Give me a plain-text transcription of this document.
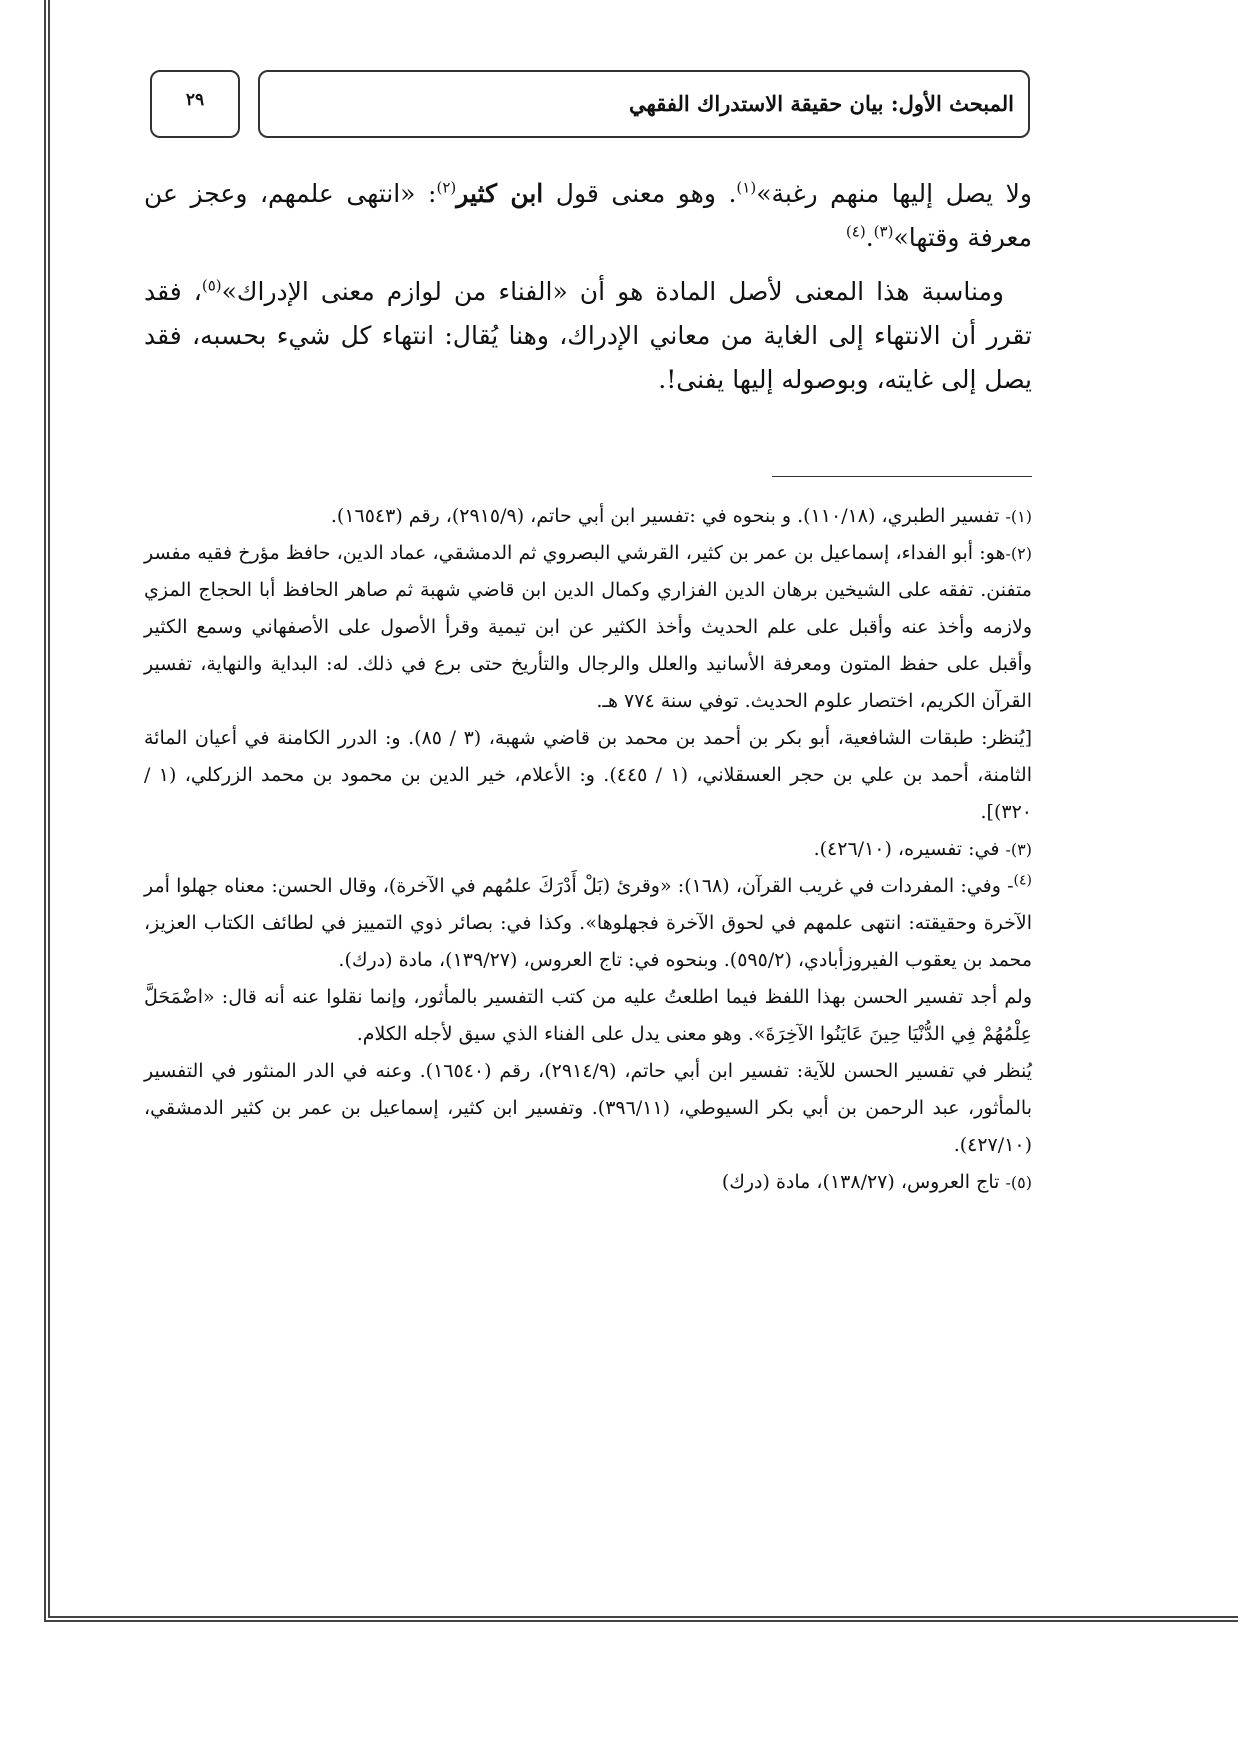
٢٩	المبحث الأول: بيان حقيقة الاستدراك الفقهي

ولا يصل إليها منهم رغبة»$^{(١)}$. وهو معنى قول ابن كثير$^{(٢)}$: «انتهى علمهم، وعجز عن معرفة وقتها»$^{(٣)}$.$^{(٤)}$

ومناسبة هذا المعنى لأصل المادة هو أن «الفناء من لوازم معنى الإدراك»$^{(٥)}$، فقد تقرر أن الانتهاء إلى الغاية من معاني الإدراك، وهنا يُقال: انتهاء كل شيء بحسبه، فقد يصل إلى غايته، وبوصوله إليها يفنى!.

(١)- تفسير الطبري، (١١٠/١٨). و بنحوه في :تفسير ابن أبي حاتم، (٢٩١٥/٩)، رقم (١٦٥٤٣).

(٢)-هو: أبو الفداء، إسماعيل بن عمر بن كثير، القرشي البصروي ثم الدمشقي، عماد الدين، حافظ مؤرخ فقيه مفسر متفنن. تفقه على الشيخين برهان الدين الفزاري وكمال الدين ابن قاضي شهبة ثم صاهر الحافظ أبا الحجاج المزي ولازمه وأخذ عنه وأقبل على علم الحديث وأخذ الكثير عن ابن تيمية وقرأ الأصول على الأصفهاني وسمع الكثير وأقبل على حفظ المتون ومعرفة الأسانيد والعلل والرجال والتأريخ حتى برع في ذلك. له: البداية والنهاية، تفسير القرآن الكريم، اختصار علوم الحديث. توفي سنة ٧٧٤ هـ.

[يُنظر: طبقات الشافعية، أبو بكر بن أحمد بن محمد بن قاضي شهبة، (٣ / ٨٥). و: الدرر الكامنة في أعيان المائة الثامنة، أحمد بن علي بن حجر العسقلاني، (١ / ٤٤٥). و: الأعلام، خير الدين بن محمود بن محمد الزركلي، (١ / ٣٢٠)].

(٣)- في: تفسيره، (٤٢٦/١٠).

$^{(٤)}$- وفي: المفردات في غريب القرآن، (١٦٨): «وقرئ (بَلْ أَدْرَكَ علمُهم في الآخرة)، وقال الحسن: معناه جهلوا أمر الآخرة وحقيقته: انتهى علمهم في لحوق الآخرة فجهلوها». وكذا في: بصائر ذوي التمييز في لطائف الكتاب العزيز، محمد بن يعقوب الفيروزأبادي، (٥٩٥/٢). وبنحوه في: تاج العروس، (١٣٩/٢٧)، مادة (درك).

ولم أجد تفسير الحسن بهذا اللفظ فيما اطلعتُ عليه من كتب التفسير بالمأثور، وإنما نقلوا عنه أنه قال: «اضْمَحَلَّ عِلْمُهُمْ فِي الدُّنْيَا حِينَ عَايَنُوا الآخِرَةَ». وهو معنى يدل على الفناء الذي سيق لأجله الكلام.

يُنظر في تفسير الحسن للآية: تفسير ابن أبي حاتم، (٢٩١٤/٩)، رقم (١٦٥٤٠). وعنه في الدر المنثور في التفسير بالمأثور، عبد الرحمن بن أبي بكر السيوطي، (٣٩٦/١١). وتفسير ابن كثير، إسماعيل بن عمر بن كثير الدمشقي، (٤٢٧/١٠).

(٥)- تاج العروس، (١٣٨/٢٧)، مادة (درك)
